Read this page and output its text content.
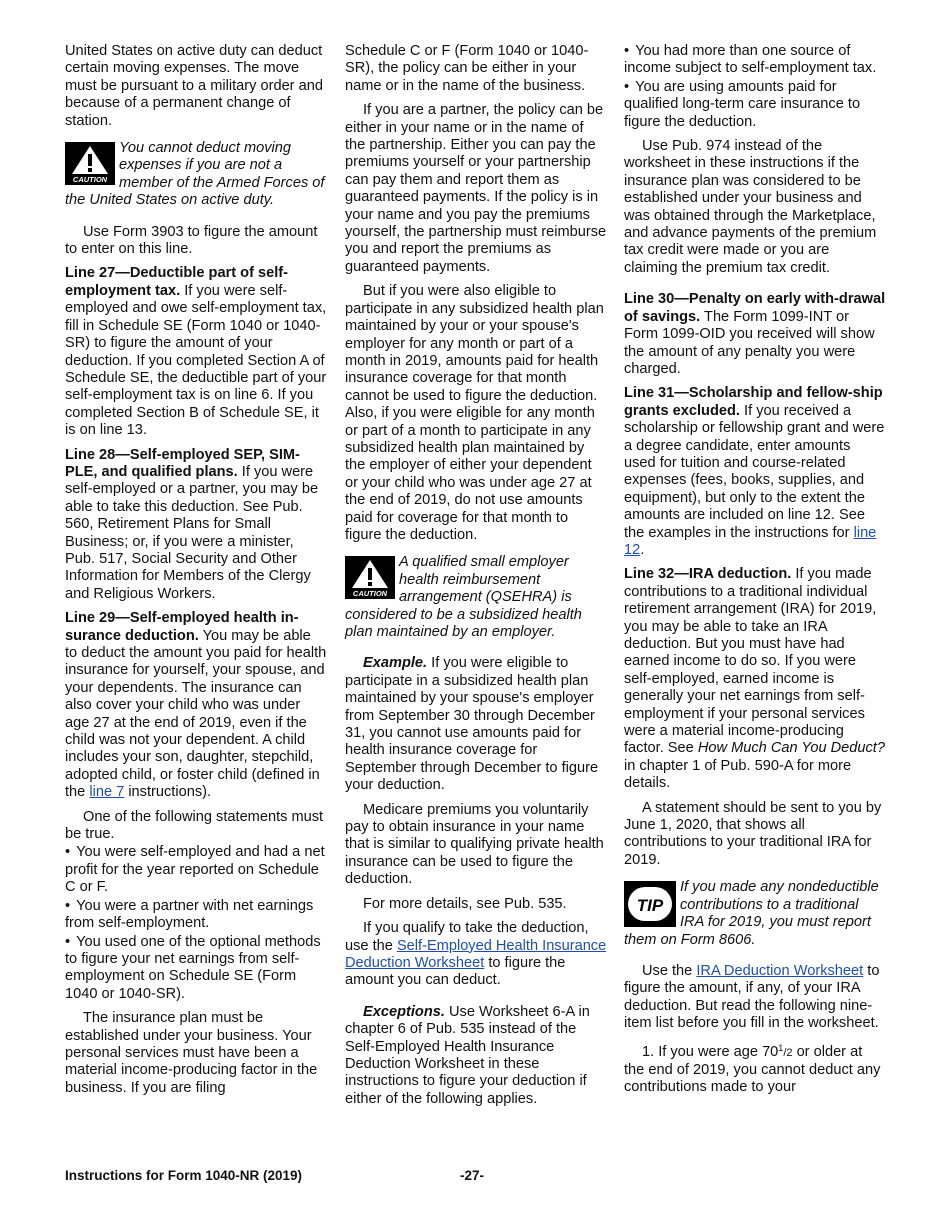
United States on active duty can deduct certain moving expenses. The move must be pursuant to a military order and because of a permanent change of station.

CAUTION
You cannot deduct moving expenses if you are not a member of the Armed Forces of the United States on active duty.

Use Form 3903 to figure the amount to enter on this line.

Line 27—Deductible part of self-employment tax. If you were self-employed and owe self-employment tax, fill in Schedule SE (Form 1040 or 1040-SR) to figure the amount of your deduction. If you completed Section A of Schedule SE, the deductible part of your self-employment tax is on line 6. If you completed Section B of Schedule SE, it is on line 13.

Line 28—Self-employed SEP, SIM-PLE, and qualified plans. If you were self-employed or a partner, you may be able to take this deduction. See Pub. 560, Retirement Plans for Small Business; or, if you were a minister, Pub. 517, Social Security and Other Information for Members of the Clergy and Religious Workers.

Line 29—Self-employed health in-surance deduction. You may be able to deduct the amount you paid for health insurance for yourself, your spouse, and your dependents. The insurance can also cover your child who was under age 27 at the end of 2019, even if the child was not your dependent. A child includes your son, daughter, stepchild, adopted child, or foster child (defined in the line 7 instructions).

One of the following statements must be true.

• You were self-employed and had a net profit for the year reported on Schedule C or F.

• You were a partner with net earnings from self-employment.

• You used one of the optional methods to figure your net earnings from self-employment on Schedule SE (Form 1040 or 1040-SR).

The insurance plan must be established under your business. Your personal services must have been a material income-producing factor in the business. If you are filing

Schedule C or F (Form 1040 or 1040-SR), the policy can be either in your name or in the name of the business.

If you are a partner, the policy can be either in your name or in the name of the partnership. Either you can pay the premiums yourself or your partnership can pay them and report them as guaranteed payments. If the policy is in your name and you pay the premiums yourself, the partnership must reimburse you and report the premiums as guaranteed payments.

But if you were also eligible to participate in any subsidized health plan maintained by your or your spouse's employer for any month or part of a month in 2019, amounts paid for health insurance coverage for that month cannot be used to figure the deduction. Also, if you were eligible for any month or part of a month to participate in any subsidized health plan maintained by the employer of either your dependent or your child who was under age 27 at the end of 2019, do not use amounts paid for coverage for that month to figure the deduction.

CAUTION
A qualified small employer health reimbursement arrangement (QSEHRA) is considered to be a subsidized health plan maintained by an employer.

Example. If you were eligible to participate in a subsidized health plan maintained by your spouse's employer from September 30 through December 31, you cannot use amounts paid for health insurance coverage for September through December to figure your deduction.

Medicare premiums you voluntarily pay to obtain insurance in your name that is similar to qualifying private health insurance can be used to figure the deduction.

For more details, see Pub. 535.

If you qualify to take the deduction, use the Self-Employed Health Insurance Deduction Worksheet to figure the amount you can deduct.

Exceptions. Use Worksheet 6-A in chapter 6 of Pub. 535 instead of the Self-Employed Health Insurance Deduction Worksheet in these instructions to figure your deduction if either of the following applies.

• You had more than one source of income subject to self-employment tax.

• You are using amounts paid for qualified long-term care insurance to figure the deduction.

Use Pub. 974 instead of the worksheet in these instructions if the insurance plan was considered to be established under your business and was obtained through the Marketplace, and advance payments of the premium tax credit were made or you are claiming the premium tax credit.

Line 30—Penalty on early with-drawal of savings. The Form 1099-INT or Form 1099-OID you received will show the amount of any penalty you were charged.

Line 31—Scholarship and fellow-ship grants excluded. If you received a scholarship or fellowship grant and were a degree candidate, enter amounts used for tuition and course-related expenses (fees, books, supplies, and equipment), but only to the extent the amounts are included on line 12. See the examples in the instructions for line 12.

Line 32—IRA deduction. If you made contributions to a traditional individual retirement arrangement (IRA) for 2019, you may be able to take an IRA deduction. But you must have had earned income to do so. If you were self-employed, earned income is generally your net earnings from self-employment if your personal services were a material income-producing factor. See How Much Can You Deduct? in chapter 1 of Pub. 590-A for more details.

A statement should be sent to you by June 1, 2020, that shows all contributions to your traditional IRA for 2019.

TIP
If you made any nondeductible contributions to a traditional IRA for 2019, you must report them on Form 8606.

Use the IRA Deduction Worksheet to figure the amount, if any, of your IRA deduction. But read the following nine-item list before you fill in the worksheet.

1. If you were age $70^1/2$ or older at the end of 2019, you cannot deduct any contributions made to your

Instructions for Form 1040-NR (2019)	-27-
